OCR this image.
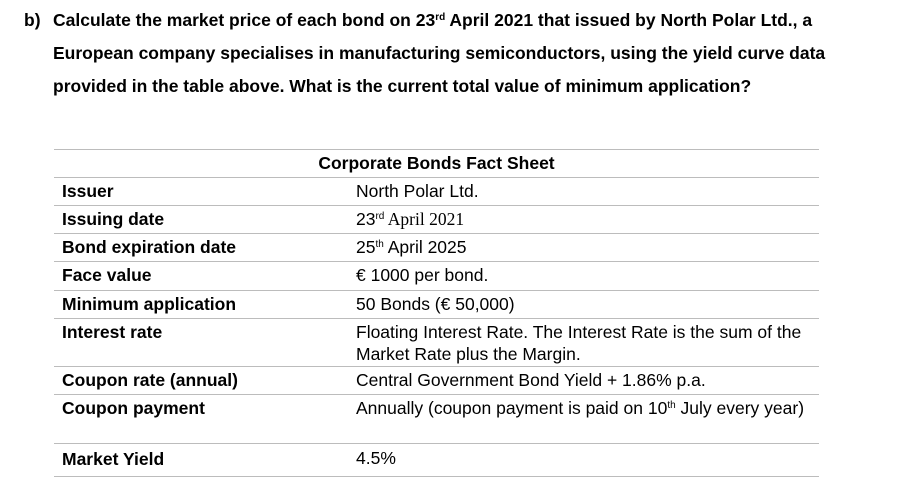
b) Calculate the market price of each bond on 23rd April 2021 that issued by North Polar Ltd., a European company specialises in manufacturing semiconductors, using the yield curve data provided in the table above. What is the current total value of minimum application?
Corporate Bonds Fact Sheet
Issuer	North Polar Ltd.
Issuing date	23rd April 2021
Bond expiration date	25th April 2025
Face value	€ 1000 per bond.
Minimum application	50 Bonds (€ 50,000)
Interest rate	Floating Interest Rate. The Interest Rate is the sum of the Market Rate plus the Margin.
Coupon rate (annual)	Central Government Bond Yield + 1.86% p.a.
Coupon payment	Annually (coupon payment is paid on 10th July every year)
Market Yield	4.5%
